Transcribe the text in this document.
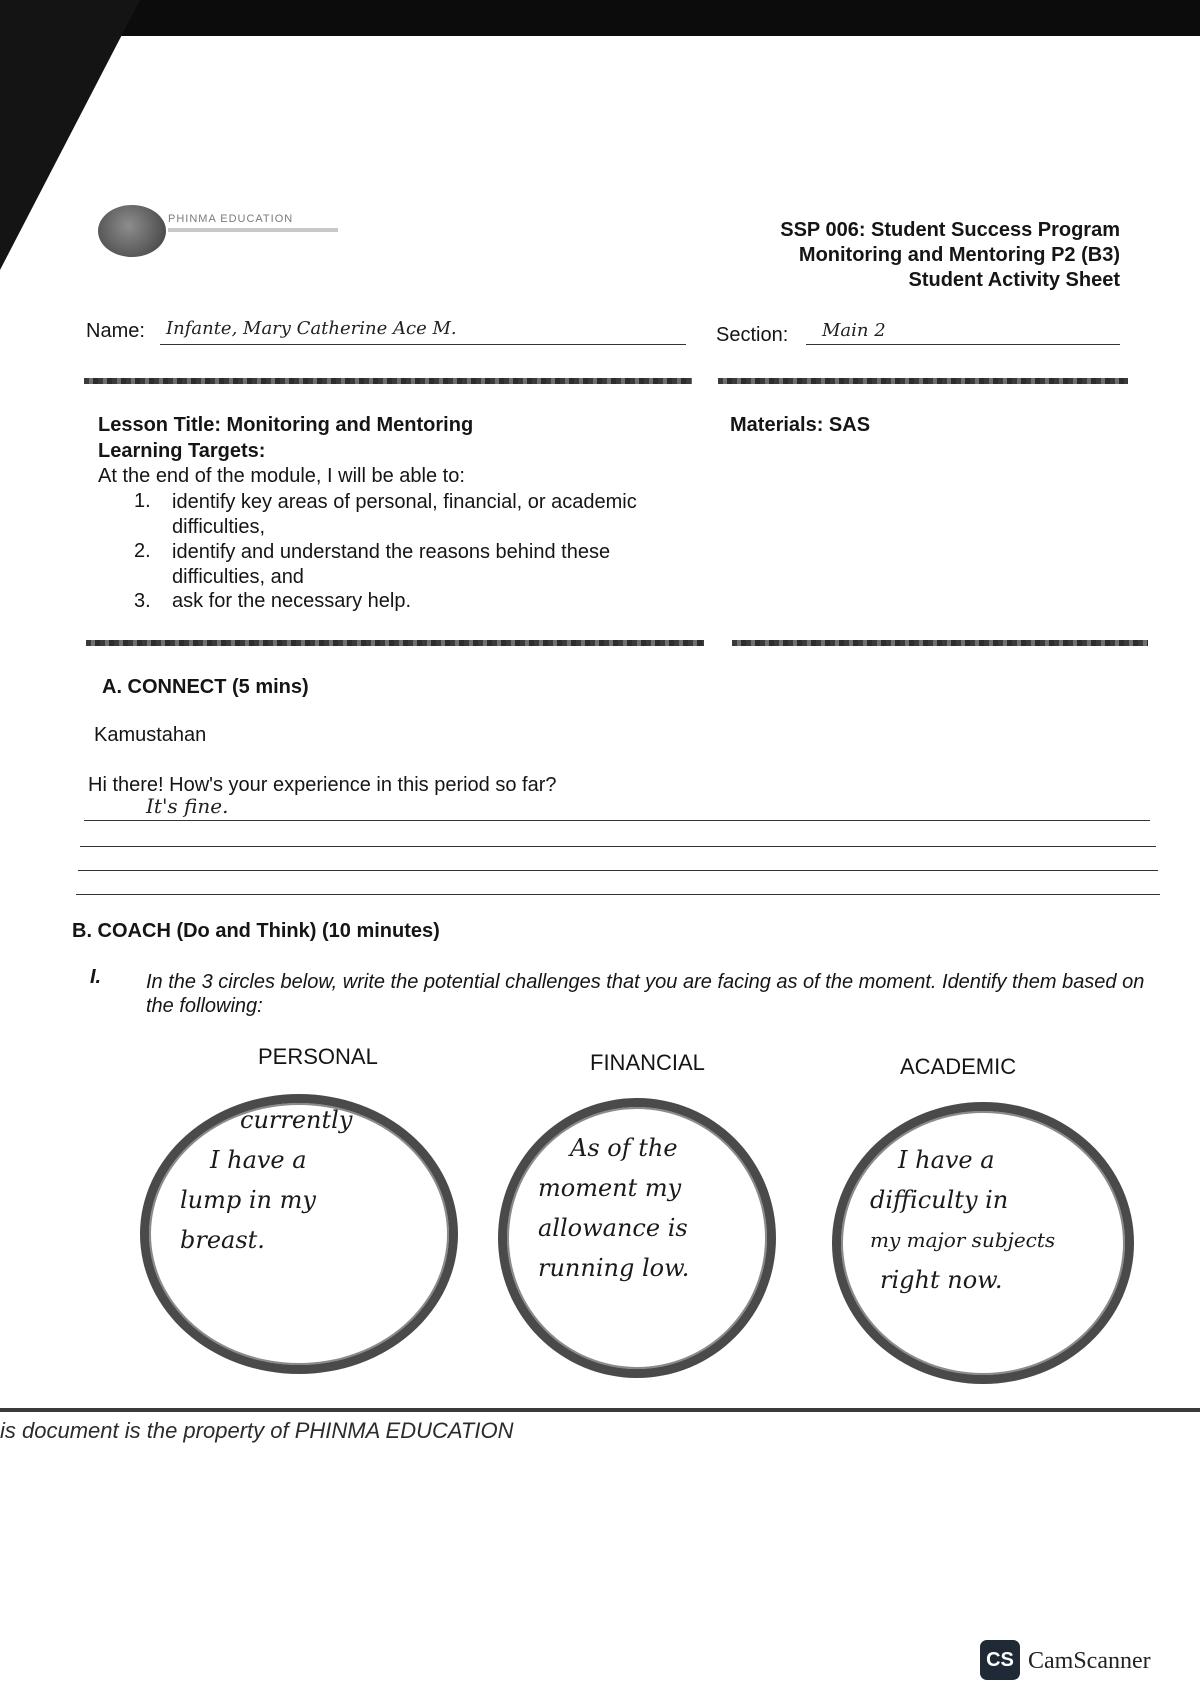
PHINMA EDUCATION	SSP 006: Student Success Program
Monitoring and Mentoring P2 (B3)
Student Activity Sheet
Name: Infante, Mary Catherine Ace M.	Section: Main 2
Lesson Title: Monitoring and Mentoring	Materials: SAS
Learning Targets:
At the end of the module, I will be able to:
1. identify key areas of personal, financial, or academic difficulties,
2. identify and understand the reasons behind these difficulties, and
3. ask for the necessary help.
A. CONNECT (5 mins)
Kamustahan
Hi there! How's your experience in this period so far?
It's fine.
B. COACH (Do and Think) (10 minutes)
I. In the 3 circles below, write the potential challenges that you are facing as of the moment. Identify them based on the following:
PERSONAL	FINANCIAL	ACADEMIC
currently
I have a
lump in my
breast.
As of the
moment my
allowance is
running low.
I have a
difficulty in
my major subjects
right now.
is document is the property of PHINMA EDUCATION
CS CamScanner
